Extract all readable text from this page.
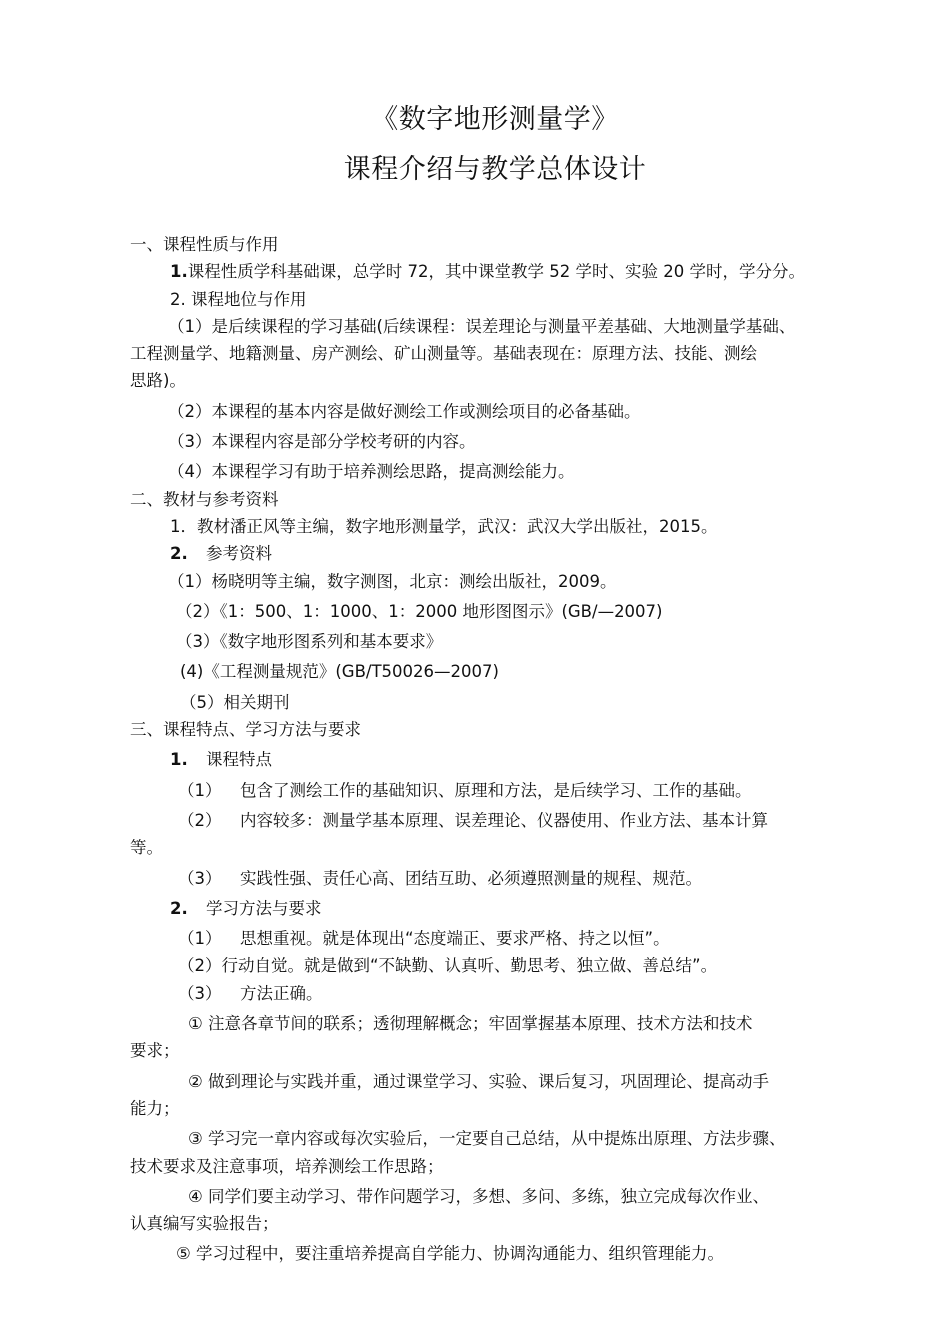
《数字地形测量学》
课程介绍与教学总体设计
一、课程性质与作用
1.课程性质学科基础课，总学时 72，其中课堂教学 52 学时、实验 20 学时，学分分。
2. 课程地位与作用
（1）是后续课程的学习基础(后续课程：误差理论与测量平差基础、大地测量学基础、
工程测量学、地籍测量、房产测绘、矿山测量等。基础表现在：原理方法、技能、测绘
思路)。
（2）本课程的基本内容是做好测绘工作或测绘项目的必备基础。
（3）本课程内容是部分学校考研的内容。
（4）本课程学习有助于培养测绘思路，提高测绘能力。
二、教材与参考资料
1．教材潘正风等主编，数字地形测量学，武汉：武汉大学出版社，2015。
2. 参考资料
（1）杨晓明等主编，数字测图，北京：测绘出版社，2009。
（2）《1：500、1：1000、1：2000 地形图图示》(GB/—2007)
（3）《数字地形图系列和基本要求》
(4)《工程测量规范》(GB/T50026—2007)
（5）相关期刊
三、课程特点、学习方法与要求
1. 课程特点
（1） 包含了测绘工作的基础知识、原理和方法，是后续学习、工作的基础。
（2） 内容较多：测量学基本原理、误差理论、仪器使用、作业方法、基本计算
等。
（3） 实践性强、责任心高、团结互助、必须遵照测量的规程、规范。
2. 学习方法与要求
（1） 思想重视。就是体现出“态度端正、要求严格、持之以恒”。
（2）行动自觉。就是做到“不缺勤、认真听、勤思考、独立做、善总结”。
（3） 方法正确。
① 注意各章节间的联系；透彻理解概念；牢固掌握基本原理、技术方法和技术
要求；
② 做到理论与实践并重，通过课堂学习、实验、课后复习，巩固理论、提高动手
能力；
③ 学习完一章内容或每次实验后，一定要自己总结，从中提炼出原理、方法步骤、
技术要求及注意事项，培养测绘工作思路；
④ 同学们要主动学习、带作问题学习，多想、多问、多练，独立完成每次作业、
认真编写实验报告；
⑤ 学习过程中，要注重培养提高自学能力、协调沟通能力、组织管理能力。
